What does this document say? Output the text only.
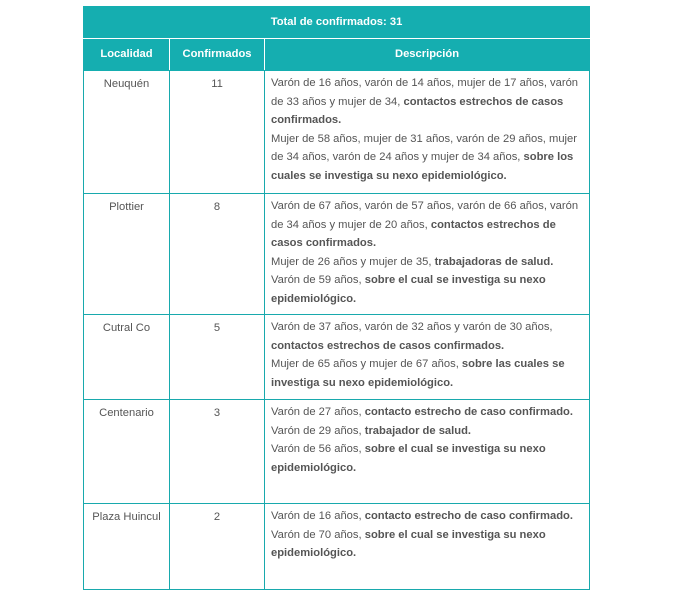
Total de confirmados: 31		
Localidad	Confirmados	Descripción
Neuquén	11	Varón de 16 años, varón de 14 años, mujer de 17 años, varón de 33 años y mujer de 34, contactos estrechos de casos confirmados.
Mujer de 58 años, mujer de 31 años, varón de 29 años, mujer de 34 años, varón de 24 años y mujer de 34 años, sobre los cuales se investiga su nexo epidemiológico.

Plottier	8	Varón de 67 años, varón de 57 años, varón de 66 años, varón de 34 años y mujer de 20 años, contactos estrechos de casos confirmados.
Mujer de 26 años y mujer de 35, trabajadoras de salud.
Varón de 59 años, sobre el cual se investiga su nexo epidemiológico.

Cutral Co	5	Varón de 37 años, varón de 32 años y varón de 30 años, contactos estrechos de casos confirmados.
Mujer de 65 años y mujer de 67 años, sobre las cuales se investiga su nexo epidemiológico.

Centenario	3	Varón de 27 años, contacto estrecho de caso confirmado.
Varón de 29 años, trabajador de salud.
Varón de 56 años, sobre el cual se investiga su nexo epidemiológico.

Plaza Huincul	2	Varón de 16 años, contacto estrecho de caso confirmado.
Varón de 70 años, sobre el cual se investiga su nexo epidemiológico.
